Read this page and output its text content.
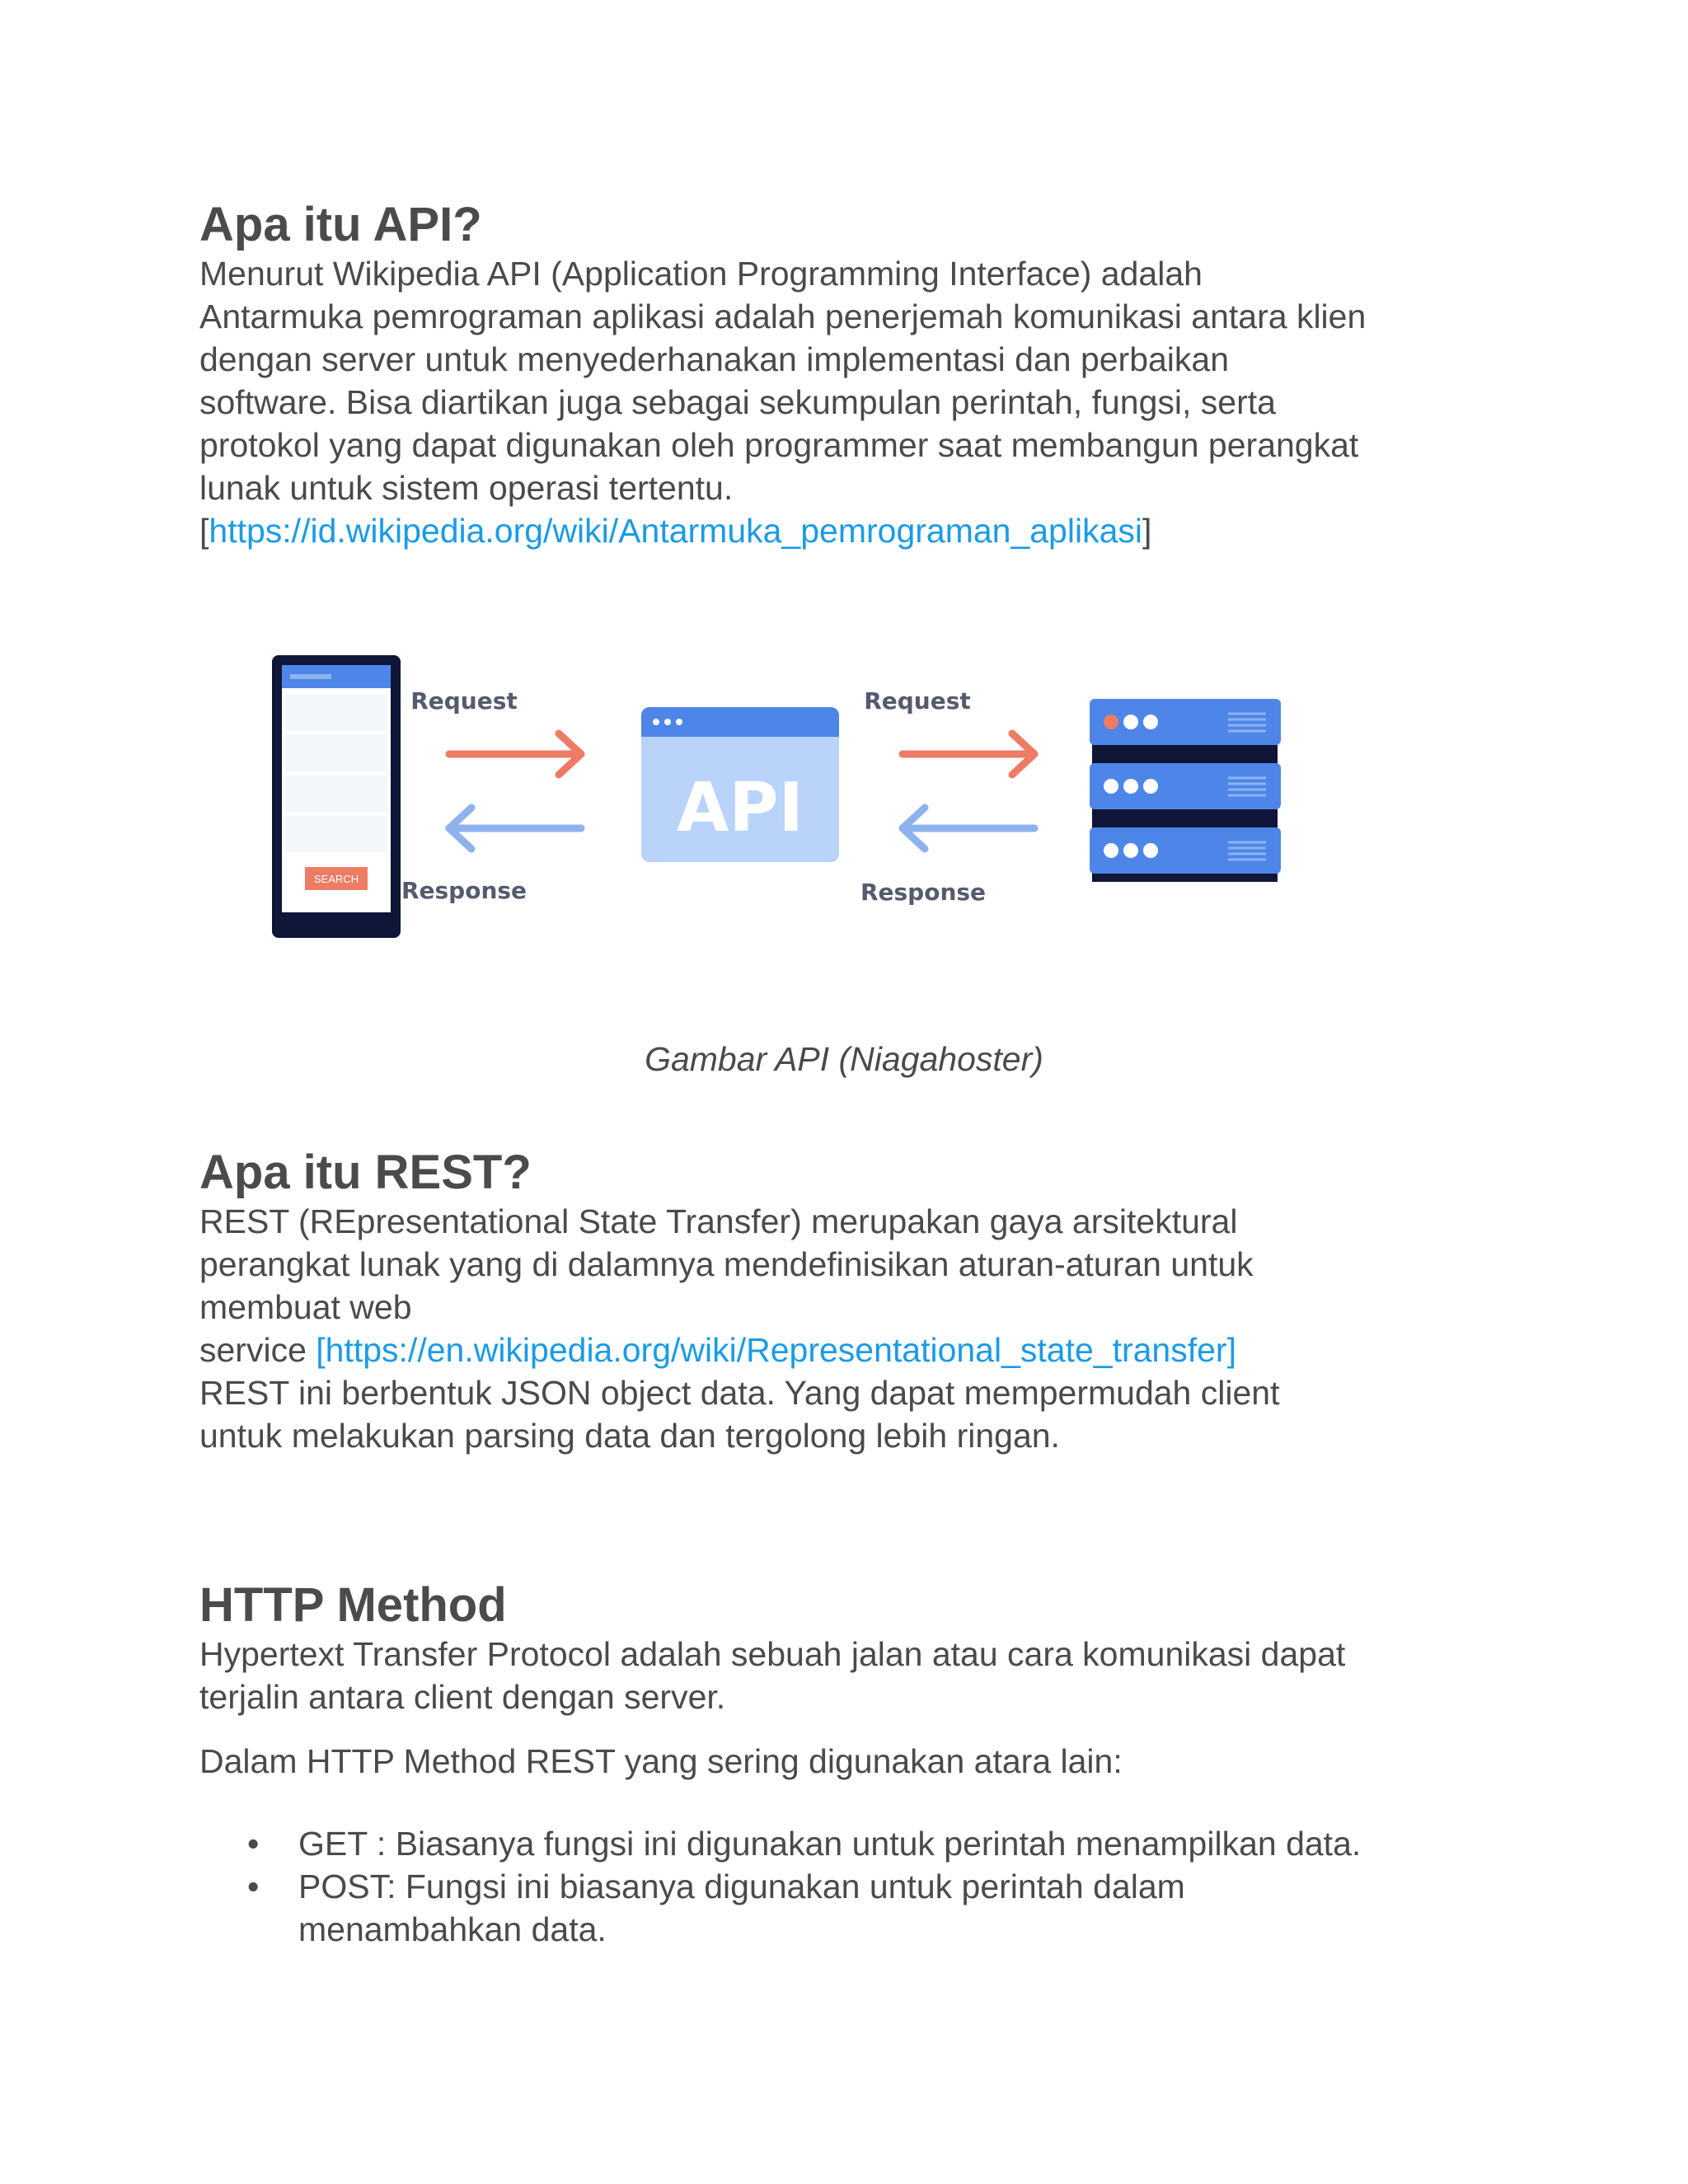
Apa itu API?

Menurut Wikipedia API (Application Programming Interface) adalah

Antarmuka pemrograman aplikasi adalah penerjemah komunikasi antara klien

dengan server untuk menyederhanakan implementasi dan perbaikan

software. Bisa diartikan juga sebagai sekumpulan perintah, fungsi, serta

protokol yang dapat digunakan oleh programmer saat membangun perangkat

lunak untuk sistem operasi tertentu.

[https://id.wikipedia.org/wiki/Antarmuka_pemrograman_aplikasi]

SEARCH
Request
Response
API
Request
Response
Gambar API (Niagahoster)
Apa itu REST?

REST (REpresentational State Transfer) merupakan gaya arsitektural

perangkat lunak yang di dalamnya mendefinisikan aturan-aturan untuk

membuat web

service [https://en.wikipedia.org/wiki/Representational_state_transfer]

REST ini berbentuk JSON object data. Yang dapat mempermudah client

untuk melakukan parsing data dan tergolong lebih ringan.

HTTP Method

Hypertext Transfer Protocol adalah sebuah jalan atau cara komunikasi dapat

terjalin antara client dengan server.

Dalam HTTP Method REST yang sering digunakan atara lain:

• GET : Biasanya fungsi ini digunakan untuk perintah menampilkan data.
• POST: Fungsi ini biasanya digunakan untuk perintah dalam
menambahkan data.
